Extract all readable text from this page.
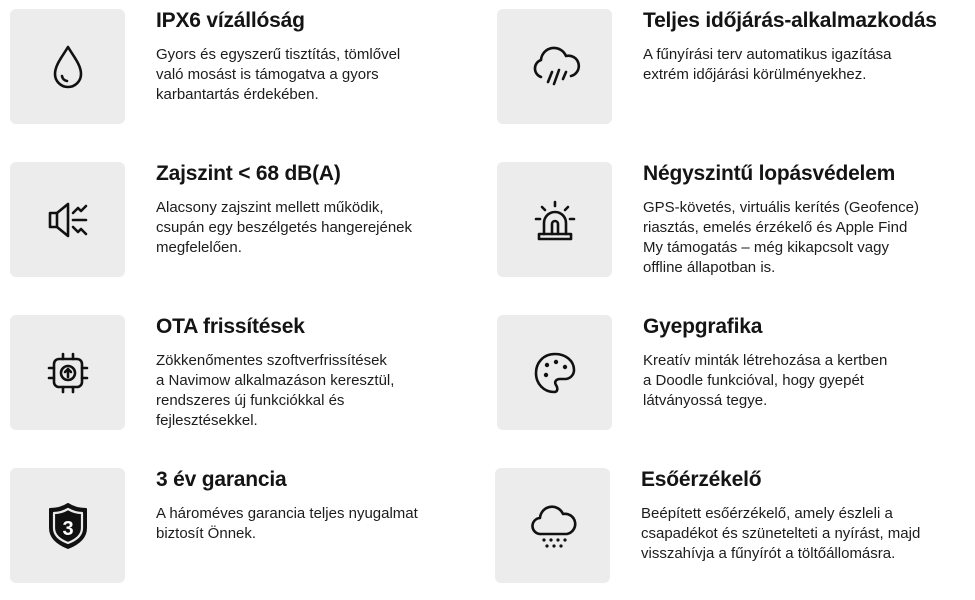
IPX6 vízállóság

Gyors és egyszerű tisztítás, tömlővel
való mosást is támogatva a gyors
karbantartás érdekében.

Teljes időjárás-alkalmazkodás

A fűnyírási terv automatikus igazítása
extrém időjárási körülményekhez.

Zajszint < 68 dB(A)

Alacsony zajszint mellett működik,
csupán egy beszélgetés hangerejének
megfelelően.

Négyszintű lopásvédelem

GPS-követés, virtuális kerítés (Geofence)
riasztás, emelés érzékelő és Apple Find
My támogatás – még kikapcsolt vagy
offline állapotban is.

OTA frissítések

Zökkenőmentes szoftverfrissítések
a Navimow alkalmazáson keresztül,
rendszeres új funkciókkal és
fejlesztésekkel.

Gyepgrafika

Kreatív minták létrehozása a kertben
a Doodle funkcióval, hogy gyepét
látványossá tegye.

3
3 év garancia

A hároméves garancia teljes nyugalmat
biztosít Önnek.

Esőérzékelő

Beépített esőérzékelő, amely észleli a
csapadékot és szünetelteti a nyírást, majd
visszahívja a fűnyírót a töltőállomásra.
